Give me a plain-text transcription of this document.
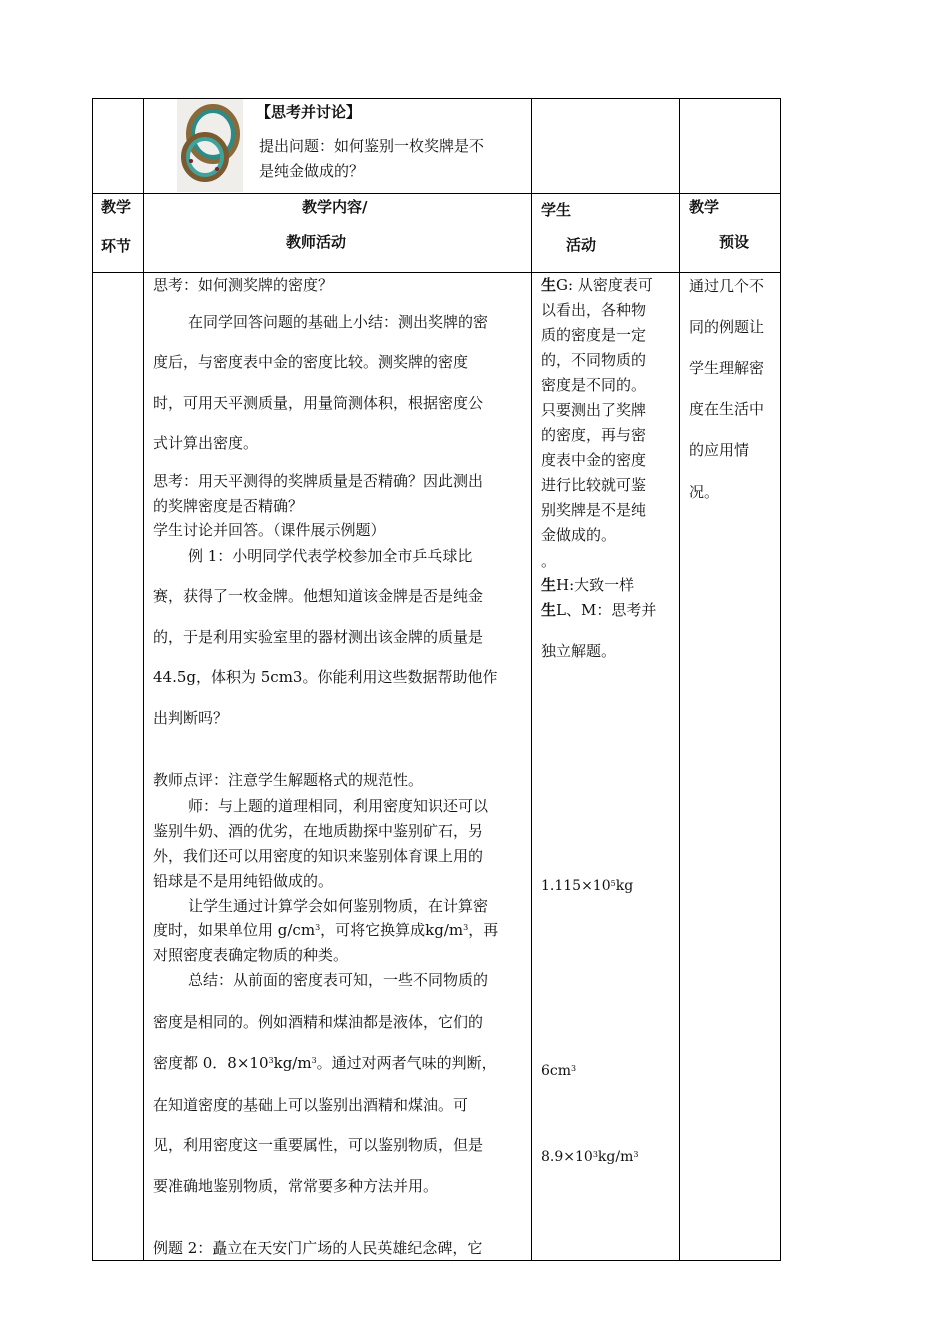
【思考并讨论】
提出问题：如何鉴别一枚奖牌是不
是纯金做成的？
教学
环节
教学内容/
教师活动
学生
活动
教学
预设
思考：如何测奖牌的密度？
在同学回答问题的基础上小结：测出奖牌的密
度后，与密度表中金的密度比较。测奖牌的密度
时，可用天平测质量，用量筒测体积，根据密度公
式计算出密度。
思考：用天平测得的奖牌质量是否精确？因此测出
的奖牌密度是否精确？
学生讨论并回答。（课件展示例题）
例 1：小明同学代表学校参加全市乒乓球比
赛，获得了一枚金牌。他想知道该金牌是否是纯金
的，于是利用实验室里的器材测出该金牌的质量是
44.5g，体积为 5cm3。你能利用这些数据帮助他作
出判断吗？
教师点评：注意学生解题格式的规范性。
师：与上题的道理相同，利用密度知识还可以
鉴别牛奶、酒的优劣，在地质勘探中鉴别矿石，另
外，我们还可以用密度的知识来鉴别体育课上用的
铅球是不是用纯铅做成的。
让学生通过计算学会如何鉴别物质，在计算密
度时，如果单位用 $g/cm^3$，可将它换算成$kg/m^3$，再
对照密度表确定物质的种类。
总结：从前面的密度表可知，一些不同物质的
密度是相同的。例如酒精和煤油都是液体，它们的
密度都 0．$8\times 10^3kg/m^3$。通过对两者气味的判断，
在知道密度的基础上可以鉴别出酒精和煤油。可
见，利用密度这一重要属性，可以鉴别物质，但是
要准确地鉴别物质，常常要多种方法并用。
例题 2：矗立在天安门广场的人民英雄纪念碑，它
生G: 从密度表可
以看出，各种物
质的密度是一定
的，不同物质的
密度是不同的。
只要测出了奖牌
的密度，再与密
度表中金的密度
进行比较就可鉴
别奖牌是不是纯
金做成的。
。
生H:大致一样
生L、M：思考并
独立解题。
$1.115\times 10^5kg$
$6cm^3$
$8.9\times 10^3kg/m^3$
通过几个不
同的例题让
学生理解密
度在生活中
的应用情
况。
